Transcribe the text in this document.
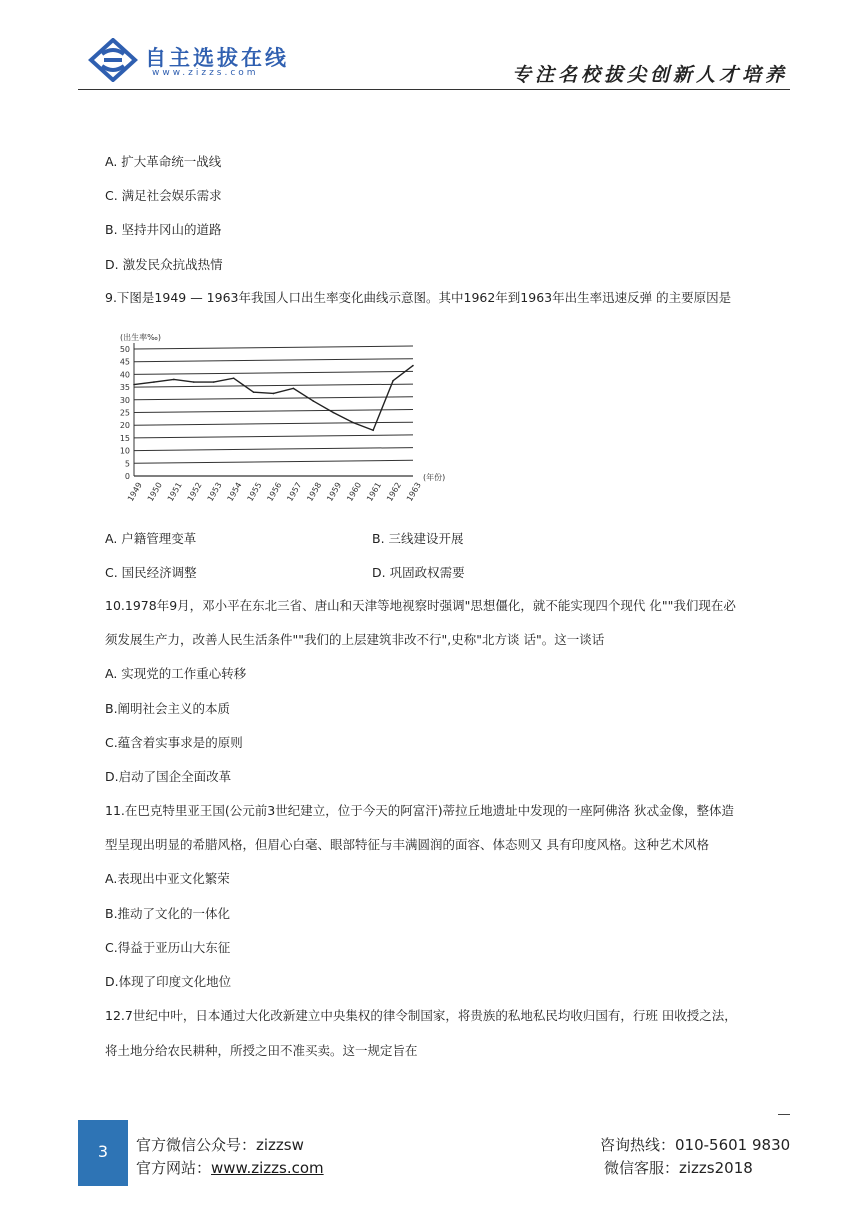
自主选拔在线
www.zizzs.com	专注名校拔尖创新人才培养
A. 扩大革命统一战线
C. 满足社会娱乐需求
B. 坚持井冈山的道路
D. 激发民众抗战热情
9.下图是1949 — 1963年我国人口出生率变化曲线示意图。其中1962年到1963年出生率迅速反弹 的主要原因是
(出生率‰)
5
10
15
20
25
30
35
40
45
50
0
1949 1950 1951 1952 1953 1954 1955 1956 1957 1958 1959 1960 1961 1962 1963
(年份)
A. 户籍管理变革	B. 三线建设开展
C. 国民经济调整	D. 巩固政权需要
10.1978年9月，邓小平在东北三省、唐山和天津等地视察时强调"思想僵化，就不能实现四个现代 化""我们现在必
须发展生产力，改善人民生活条件""我们的上层建筑非改不行",史称"北方谈 话"。这一谈话
A. 实现党的工作重心转移
B.阐明社会主义的本质
C.蕴含着实事求是的原则
D.启动了国企全面改革
11.在巴克特里亚王国(公元前3世纪建立，位于今天的阿富汗)蒂拉丘地遗址中发现的一座阿佛洛 狄忒金像，整体造
型呈现出明显的希腊风格，但眉心白毫、眼部特征与丰满圆润的面容、体态则又 具有印度风格。这种艺术风格
A.表现出中亚文化繁荣
B.推动了文化的一体化
C.得益于亚历山大东征
D.体现了印度文化地位
12.7世纪中叶，日本通过大化改新建立中央集权的律令制国家，将贵族的私地私民均收归国有，行班 田收授之法，
将土地分给农民耕种，所授之田不准买卖。这一规定旨在
3	官方微信公众号：zizzsw
官方网站：www.zizzs.com
咨询热线：010-5601 9830
微信客服：zizzs2018
